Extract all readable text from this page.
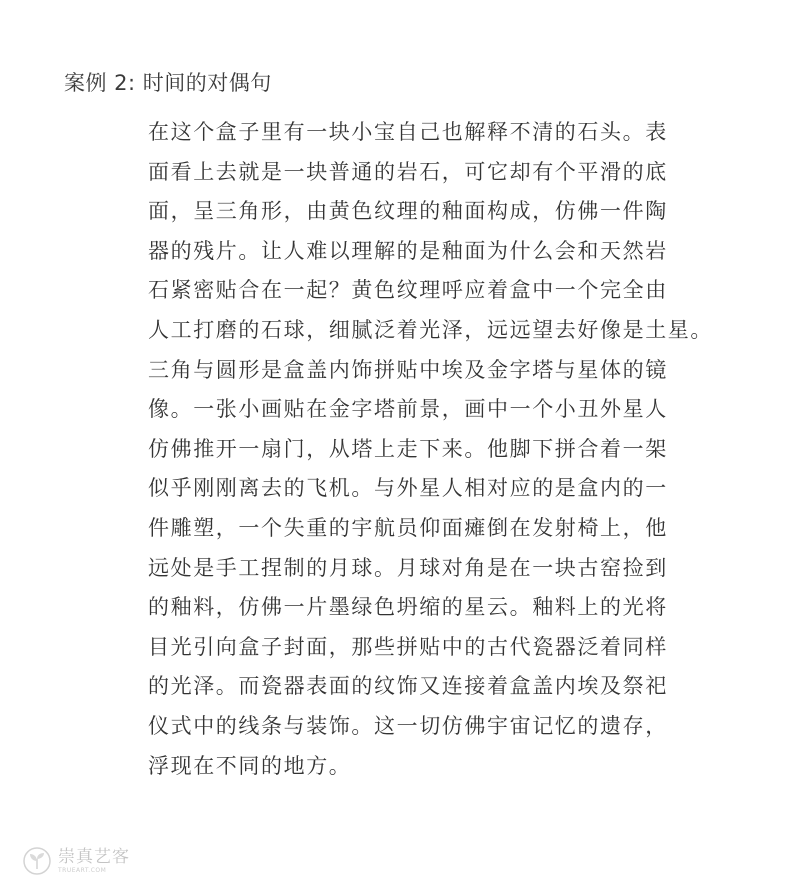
案例 2: 时间的对偶句
在这个盒子里有一块小宝自己也解释不清的石头。表
面看上去就是一块普通的岩石，可它却有个平滑的底
面，呈三角形，由黄色纹理的釉面构成，仿佛一件陶
器的残片。让人难以理解的是釉面为什么会和天然岩
石紧密贴合在一起？黄色纹理呼应着盒中一个完全由
人工打磨的石球，细腻泛着光泽，远远望去好像是土星。
三角与圆形是盒盖内饰拼贴中埃及金字塔与星体的镜
像。一张小画贴在金字塔前景，画中一个小丑外星人
仿佛推开一扇门，从塔上走下来。他脚下拼合着一架
似乎刚刚离去的飞机。与外星人相对应的是盒内的一
件雕塑，一个失重的宇航员仰面瘫倒在发射椅上，他
远处是手工捏制的月球。月球对角是在一块古窑捡到
的釉料，仿佛一片墨绿色坍缩的星云。釉料上的光将
目光引向盒子封面，那些拼贴中的古代瓷器泛着同样
的光泽。而瓷器表面的纹饰又连接着盒盖内埃及祭祀
仪式中的线条与装饰。这一切仿佛宇宙记忆的遗存，
浮现在不同的地方。
崇真艺客
TRUEART.COM
